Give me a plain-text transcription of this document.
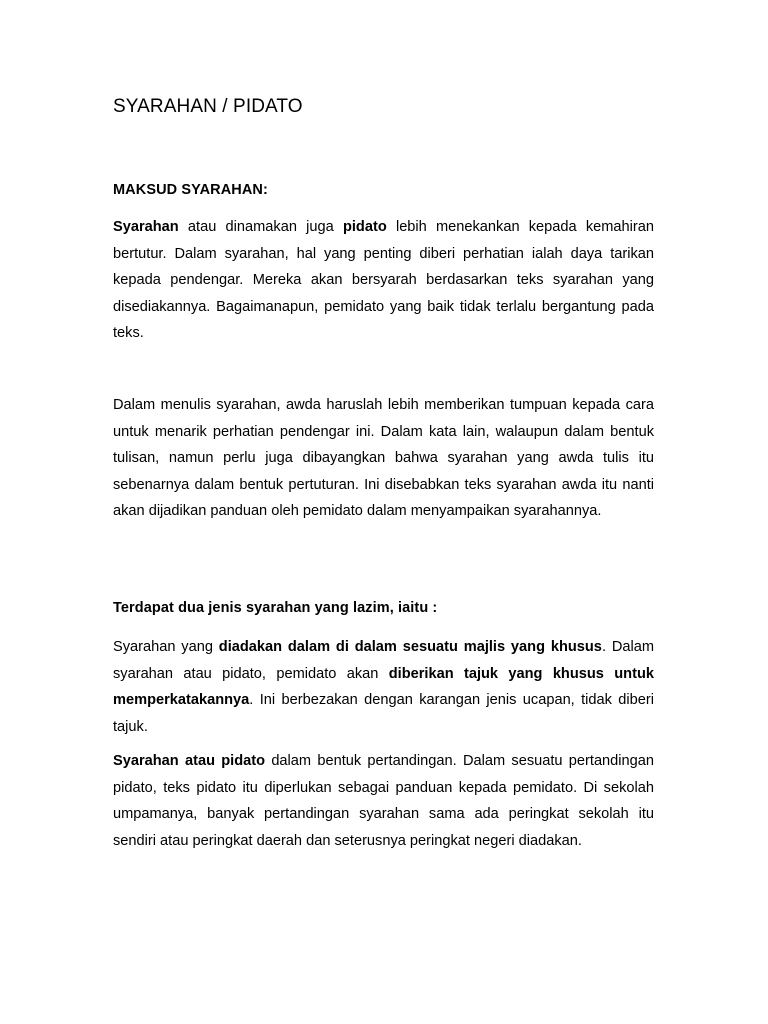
SYARAHAN / PIDATO
MAKSUD SYARAHAN:

Syarahan atau dinamakan juga pidato lebih menekankan kepada kemahiran bertutur. Dalam syarahan, hal yang penting diberi perhatian ialah daya tarikan kepada pendengar. Mereka akan bersyarah berdasarkan teks syarahan yang disediakannya. Bagaimanapun, pemidato yang baik tidak terlalu bergantung pada teks.

Dalam menulis syarahan, awda haruslah lebih memberikan tumpuan kepada cara untuk menarik perhatian pendengar ini. Dalam kata lain, walaupun dalam bentuk tulisan, namun perlu juga dibayangkan bahwa syarahan yang awda tulis itu sebenarnya dalam bentuk pertuturan. Ini disebabkan teks syarahan awda itu nanti akan dijadikan panduan oleh pemidato dalam menyampaikan syarahannya.

Terdapat dua jenis syarahan yang lazim, iaitu :

Syarahan yang diadakan dalam di dalam sesuatu majlis yang khusus. Dalam syarahan atau pidato, pemidato akan diberikan tajuk yang khusus untuk memperkatakannya. Ini berbezakan dengan karangan jenis ucapan, tidak diberi tajuk.

Syarahan atau pidato dalam bentuk pertandingan. Dalam sesuatu pertandingan pidato, teks pidato itu diperlukan sebagai panduan kepada pemidato. Di sekolah umpamanya, banyak pertandingan syarahan sama ada peringkat sekolah itu sendiri atau peringkat daerah dan seterusnya peringkat negeri diadakan.
